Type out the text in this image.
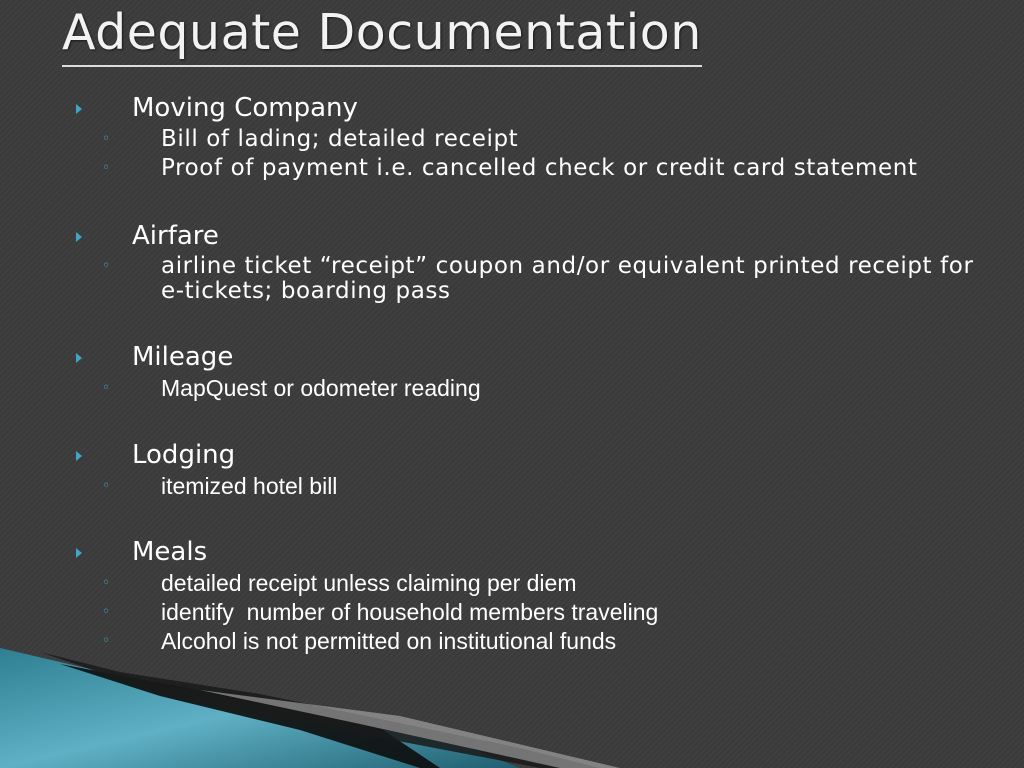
Adequate Documentation
Moving Company
◦ Bill of lading; detailed receipt
◦ Proof of payment i.e. cancelled check or credit card statement
Airfare
◦ airline ticket “receipt” coupon and/or equivalent printed receipt for e-tickets; boarding pass
Mileage
◦ MapQuest or odometer reading
Lodging
◦ itemized hotel bill
Meals
◦ detailed receipt unless claiming per diem
◦ identify  number of household members traveling
◦ Alcohol is not permitted on institutional funds
